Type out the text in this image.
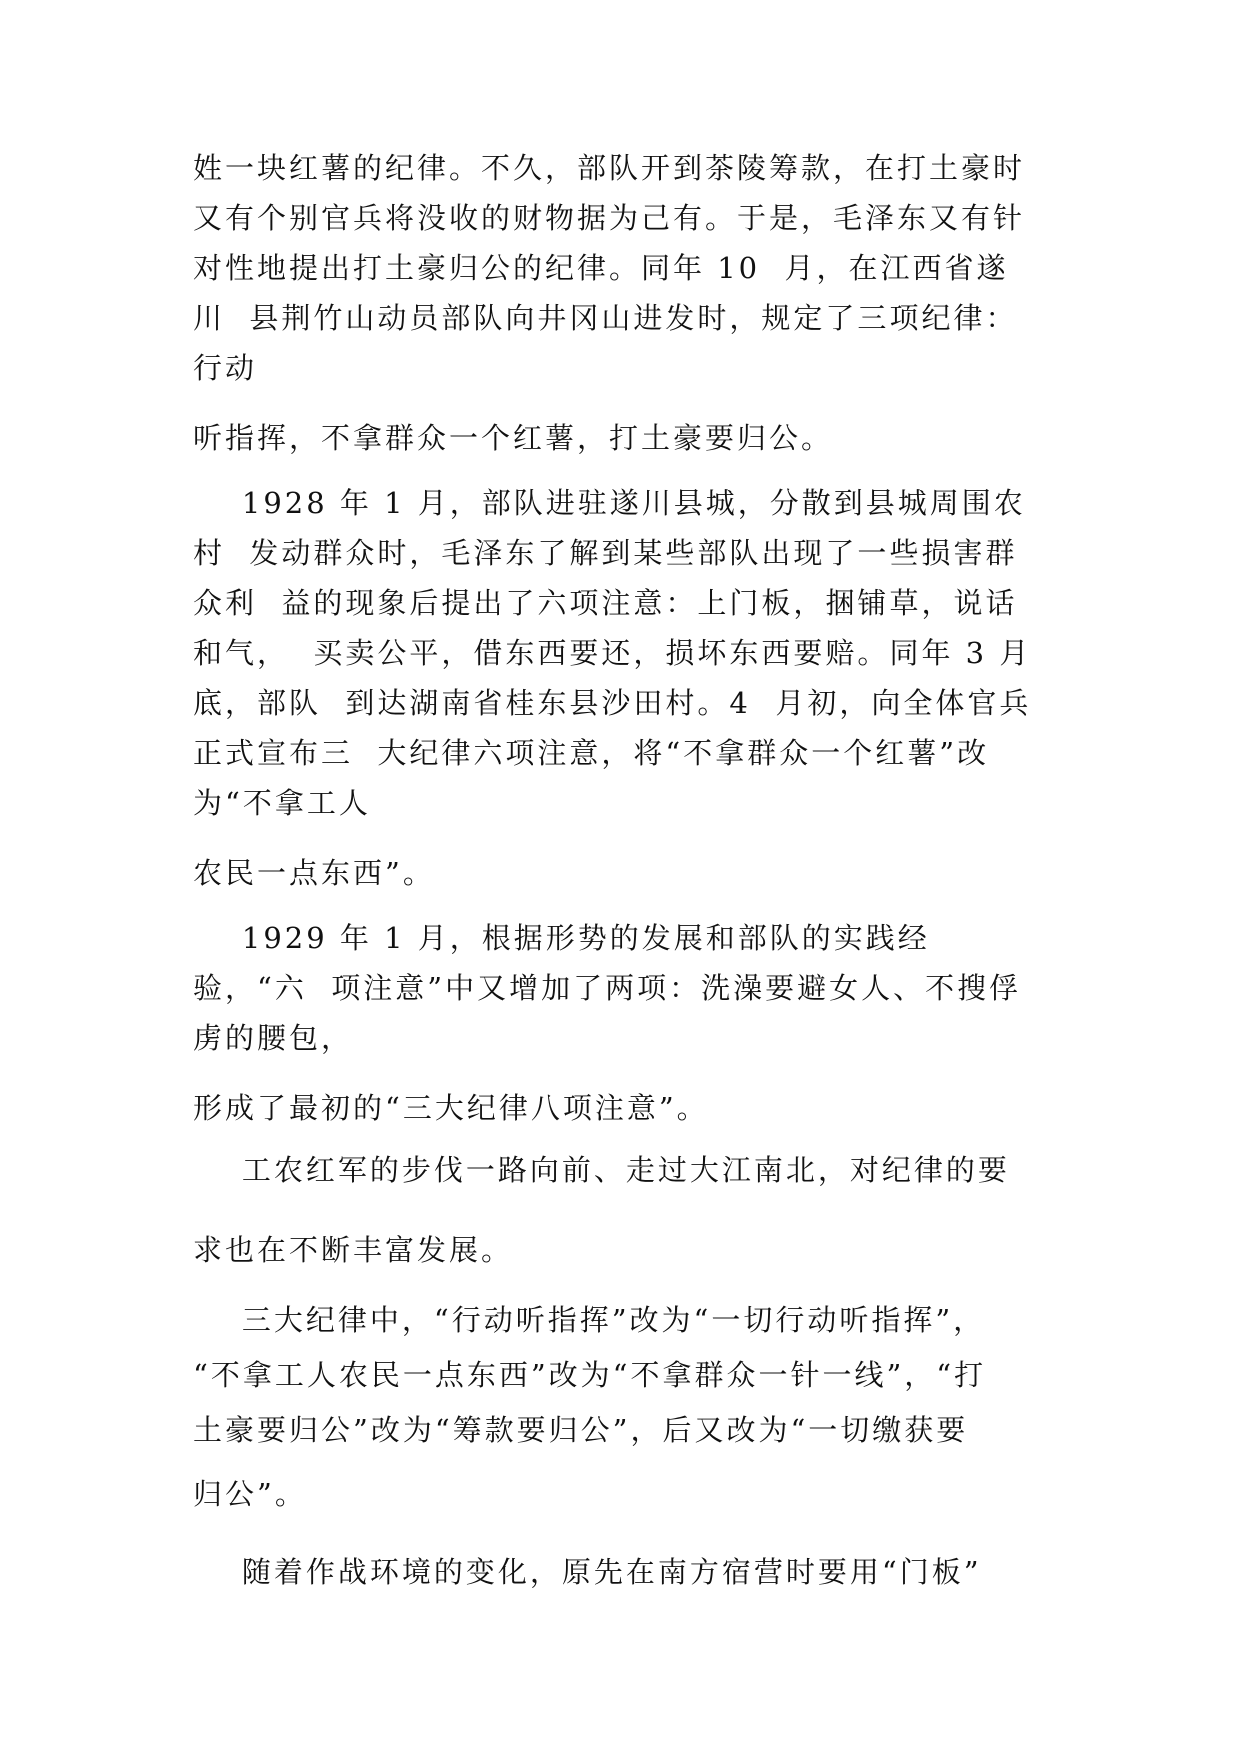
姓一块红薯的纪律。不久，部队开到茶陵筹款，在打土豪时
又有个别官兵将没收的财物据为己有。于是，毛泽东又有针
对性地提出打土豪归公的纪律。同年 10  月，在江西省遂
川  县荆竹山动员部队向井冈山进发时，规定了三项纪律：
行动
听指挥，不拿群众一个红薯，打土豪要归公。
1928 年 1 月，部队进驻遂川县城，分散到县城周围农
村  发动群众时，毛泽东了解到某些部队出现了一些损害群
众利  益的现象后提出了六项注意：上门板，捆铺草，说话
和气，  买卖公平，借东西要还，损坏东西要赔。同年 3 月
底，部队  到达湖南省桂东县沙田村。4  月初，向全体官兵
正式宣布三  大纪律六项注意，将“不拿群众一个红薯”改
为“不拿工人
农民一点东西”。
1929 年 1 月，根据形势的发展和部队的实践经
验，“六  项注意”中又增加了两项：洗澡要避女人、不搜俘
虏的腰包，
形成了最初的“三大纪律八项注意”。
工农红军的步伐一路向前、走过大江南北，对纪律的要
求也在不断丰富发展。
三大纪律中，“行动听指挥”改为“一切行动听指挥”，
“不拿工人农民一点东西”改为“不拿群众一针一线”，“打
土豪要归公”改为“筹款要归公”，后又改为“一切缴获要
归公”。
随着作战环境的变化，原先在南方宿营时要用“门板”
